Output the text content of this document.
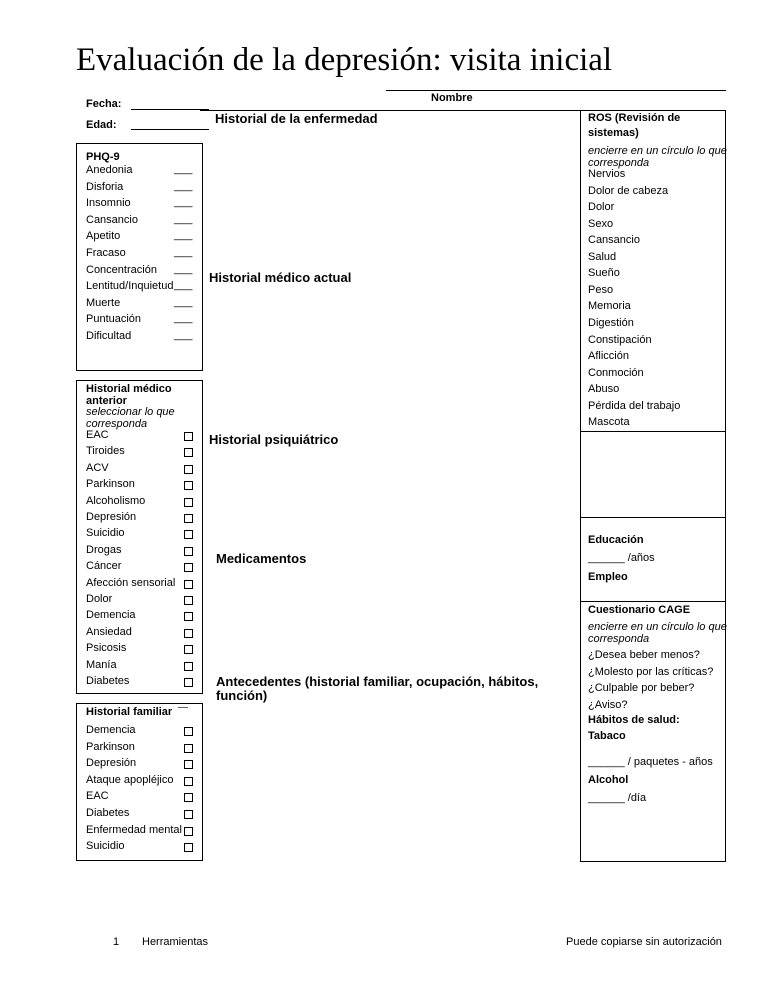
Evaluación de la depresión: visita inicial
Nombre
Fecha:
Edad:
PHQ-9
Anedonia	___
Disforia	___
Insomnio	___
Cansancio	___
Apetito	___
Fracaso	___
Concentración ___
Lentitud/Inquietud ___
Muerte	___
Puntuación	___
Dificultad	___
Historial médico
anterior
seleccionar lo que
corresponda
EAC
Tiroides
ACV
Parkinson
Alcoholismo
Depresión
Suicidio
Drogas
Cáncer
Afección sensorial
Dolor
Demencia
Ansiedad
Psicosis
Manía
Diabetes
Historial familiar
Demencia
Parkinson
Depresión
Ataque apopléjico
EAC
Diabetes
Enfermedad mental
Suicidio
Historial de la enfermedad
Historial médico actual
Historial psiquiátrico
Medicamentos
Antecedentes (historial familiar, ocupación, hábitos,
función)
ROS (Revisión de
sistemas)
encierre en un círculo lo que
corresponda
Nervios
Dolor de cabeza
Dolor
Sexo
Cansancio
Salud
Sueño
Peso
Memoria
Digestión
Constipación
Aflicción
Conmoción
Abuso
Pérdida del trabajo
Mascota
Educación
______ /años
Empleo
Cuestionario CAGE
encierre en un círculo lo que
corresponda
¿Desea beber menos?
¿Molesto por las críticas?
¿Culpable por beber?
¿Aviso?
Hábitos de salud:
Tabaco
______ / paquetes - años
Alcohol
______ /día
1 Herramientas	Puede copiarse sin autorización
